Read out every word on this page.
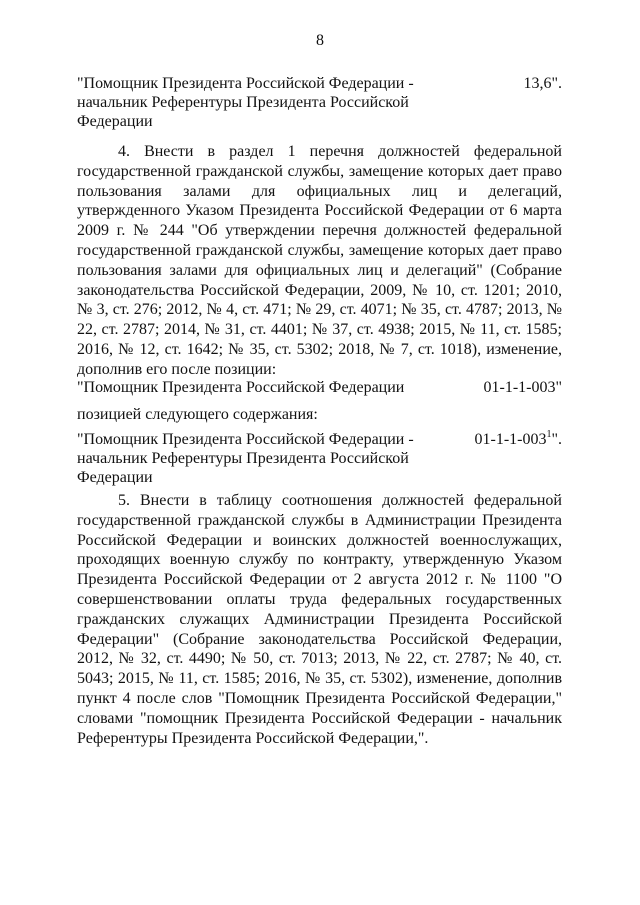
8
"Помощник Президента Российской Федерации - начальник Референтуры Президента Российской Федерации
13,6".
4. Внести в раздел 1 перечня должностей федеральной государственной гражданской службы, замещение которых дает право пользования залами для официальных лиц и делегаций, утвержденного Указом Президента Российской Федерации от 6 марта 2009 г. № 244 "Об утверждении перечня должностей федеральной государственной гражданской службы, замещение которых дает право пользования залами для официальных лиц и делегаций" (Собрание законодательства Российской Федерации, 2009, № 10, ст. 1201; 2010, № 3, ст. 276; 2012, № 4, ст. 471; № 29, ст. 4071; № 35, ст. 4787; 2013, № 22, ст. 2787; 2014, № 31, ст. 4401; № 37, ст. 4938; 2015, № 11, ст. 1585; 2016, № 12, ст. 1642; № 35, ст. 5302; 2018, № 7, ст. 1018), изменение, дополнив его после позиции:
"Помощник Президента Российской Федерации	01-1-1-003"
позицией следующего содержания:
"Помощник Президента Российской Федерации - начальник Референтуры Президента Российской Федерации
$01-1-1-003^1$".
5. Внести в таблицу соотношения должностей федеральной государственной гражданской службы в Администрации Президента Российской Федерации и воинских должностей военнослужащих, проходящих военную службу по контракту, утвержденную Указом Президента Российской Федерации от 2 августа 2012 г. № 1100 "О совершенствовании оплаты труда федеральных государственных гражданских служащих Администрации Президента Российской Федерации" (Собрание законодательства Российской Федерации, 2012, № 32, ст. 4490; № 50, ст. 7013; 2013, № 22, ст. 2787; № 40, ст. 5043; 2015, № 11, ст. 1585; 2016, № 35, ст. 5302), изменение, дополнив пункт 4 после слов "Помощник Президента Российской Федерации," словами "помощник Президента Российской Федерации - начальник Референтуры Президента Российской Федерации,".
